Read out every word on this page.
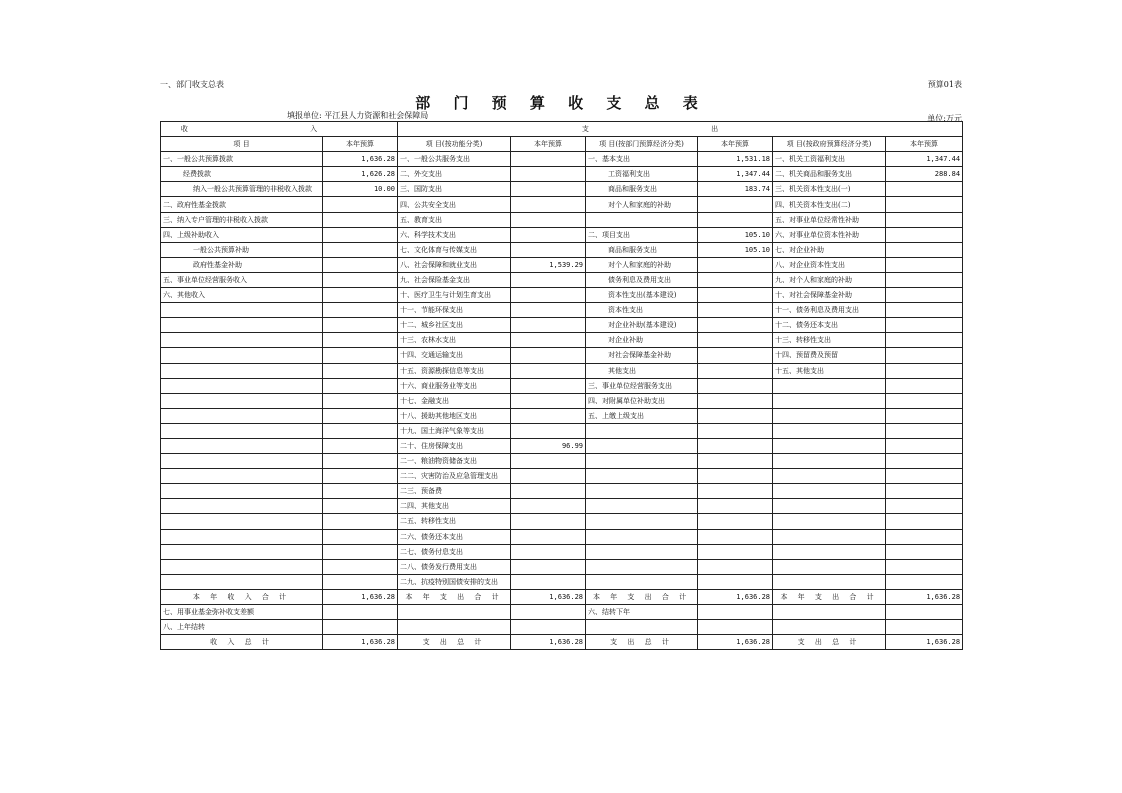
一、部门收支总表	预算01表
部 门 预 算 收 支 总 表
填报单位: 平江县人力资源和社会保障局	单位:万元
收 入		支 出					
项 目	本年预算	项 目(按功能分类)	本年预算	项 目(按部门预算经济分类)	本年预算	项 目(按政府预算经济分类)	本年预算
一、一般公共预算拨款	1,636.28	一、一般公共服务支出		一、基本支出	1,531.18	一、机关工资福利支出	1,347.44
经费拨款	1,626.28	二、外交支出		工资福利支出	1,347.44	二、机关商品和服务支出	288.84
纳入一般公共预算管理的非税收入拨款	10.00	三、国防支出		商品和服务支出	183.74	三、机关资本性支出(一)	
二、政府性基金拨款		四、公共安全支出		对个人和家庭的补助		四、机关资本性支出(二)	
三、纳入专户管理的非税收入拨款		五、教育支出				五、对事业单位经常性补助	
四、上级补助收入		六、科学技术支出		二、项目支出	105.10	六、对事业单位资本性补助	
一般公共预算补助		七、文化体育与传媒支出		商品和服务支出	105.10	七、对企业补助	
政府性基金补助		八、社会保障和就业支出	1,539.29	对个人和家庭的补助		八、对企业资本性支出	
五、事业单位经营服务收入		九、社会保险基金支出		债务利息及费用支出		九、对个人和家庭的补助	
六、其他收入		十、医疗卫生与计划生育支出		资本性支出(基本建设)		十、对社会保障基金补助	
		十一、节能环保支出		资本性支出		十一、债务利息及费用支出	
		十二、城乡社区支出		对企业补助(基本建设)		十二、债务还本支出	
		十三、农林水支出		对企业补助		十三、转移性支出	
		十四、交通运输支出		对社会保障基金补助		十四、预留费及预留	
		十五、资源勘探信息等支出		其他支出		十五、其他支出	
		十六、商业服务业等支出		三、事业单位经营服务支出			
		十七、金融支出		四、对附属单位补助支出			
		十八、援助其他地区支出		五、上缴上级支出			
		十九、国土海洋气象等支出					
		二十、住房保障支出	96.99				
		二一、粮油物资储备支出					
		二二、灾害防治及应急管理支出					
		二三、预备费					
		二四、其他支出					
		二五、转移性支出					
		二六、债务还本支出					
		二七、债务付息支出					
		二八、债务发行费用支出					
		二九、抗疫特别国债安排的支出					
本 年 收 入 合 计	1,636.28	本 年 支 出 合 计	1,636.28	本 年 支 出 合 计	1,636.28	本 年 支 出 合 计	1,636.28
七、用事业基金弥补收支差额				六、结转下年			
八、上年结转							
收 入 总 计	1,636.28	支 出 总 计	1,636.28	支 出 总 计	1,636.28	支 出 总 计	1,636.28
